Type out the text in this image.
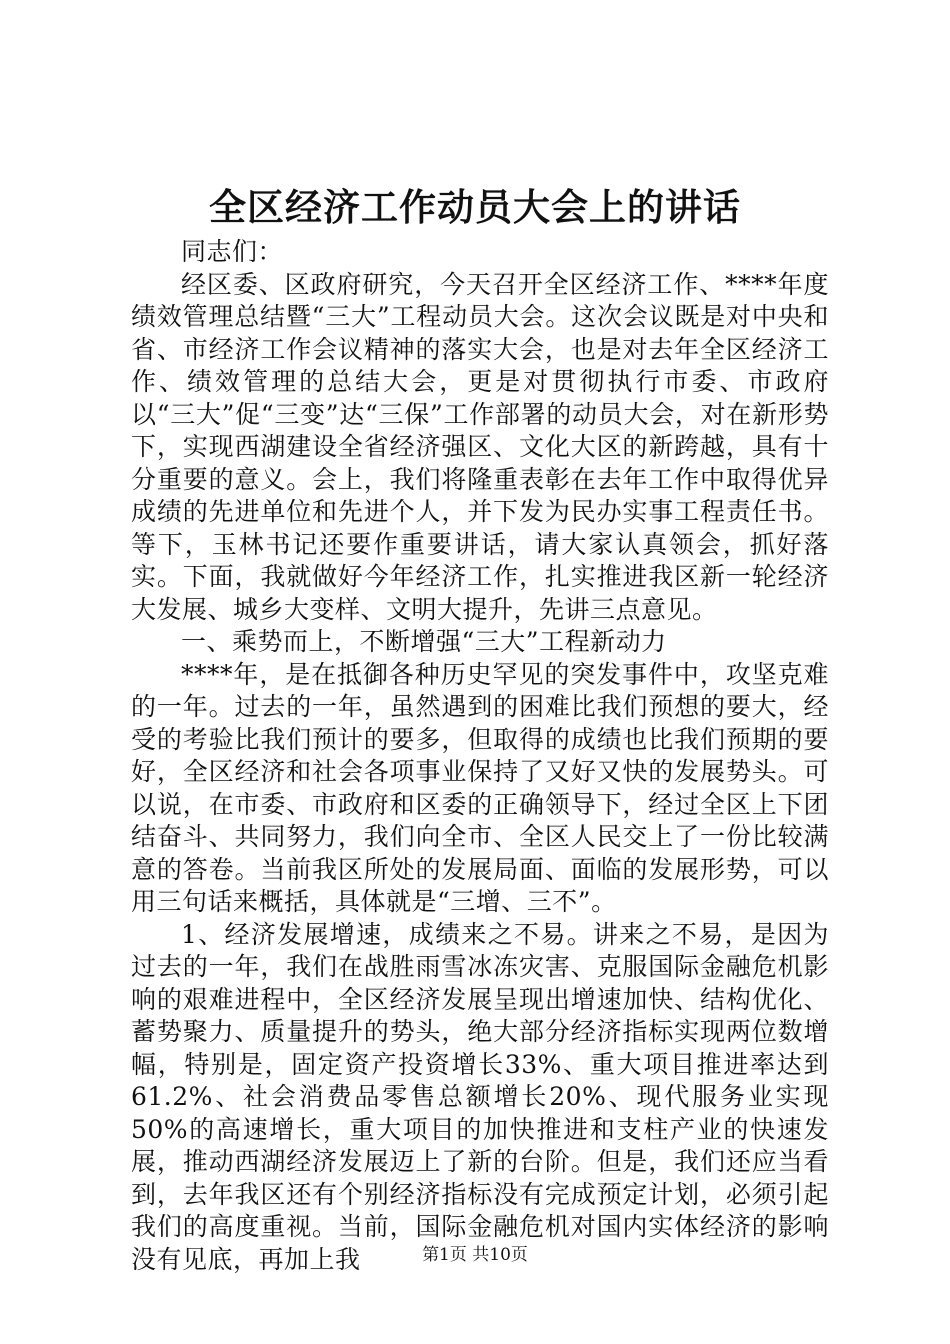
全区经济工作动员大会上的讲话

同志们：

经区委、区政府研究，今天召开全区经济工作、****年度绩效管理总结暨“三大”工程动员大会。这次会议既是对中央和省、市经济工作会议精神的落实大会，也是对去年全区经济工作、绩效管理的总结大会，更是对贯彻执行市委、市政府以“三大”促“三变”达“三保”工作部署的动员大会，对在新形势下，实现西湖建设全省经济强区、文化大区的新跨越，具有十分重要的意义。会上，我们将隆重表彰在去年工作中取得优异成绩的先进单位和先进个人，并下发为民办实事工程责任书。等下，玉林书记还要作重要讲话，请大家认真领会，抓好落实。下面，我就做好今年经济工作，扎实推进我区新一轮经济大发展、城乡大变样、文明大提升，先讲三点意见。

一、乘势而上，不断增强“三大”工程新动力

****年，是在抵御各种历史罕见的突发事件中，攻坚克难的一年。过去的一年，虽然遇到的困难比我们预想的要大，经受的考验比我们预计的要多，但取得的成绩也比我们预期的要好，全区经济和社会各项事业保持了又好又快的发展势头。可以说，在市委、市政府和区委的正确领导下，经过全区上下团结奋斗、共同努力，我们向全市、全区人民交上了一份比较满意的答卷。当前我区所处的发展局面、面临的发展形势，可以用三句话来概括，具体就是“三增、三不”。

1、经济发展增速，成绩来之不易。讲来之不易，是因为过去的一年，我们在战胜雨雪冰冻灾害、克服国际金融危机影响的艰难进程中，全区经济发展呈现出增速加快、结构优化、蓄势聚力、质量提升的势头，绝大部分经济指标实现两位数增幅，特别是，固定资产投资增长33%、重大项目推进率达到61.2%、社会消费品零售总额增长20%、现代服务业实现50%的高速增长，重大项目的加快推进和支柱产业的快速发展，推动西湖经济发展迈上了新的台阶。但是，我们还应当看到，去年我区还有个别经济指标没有完成预定计划，必须引起我们的高度重视。当前，国际金融危机对国内实体经济的影响没有见底，再加上我	第1页 共10页
